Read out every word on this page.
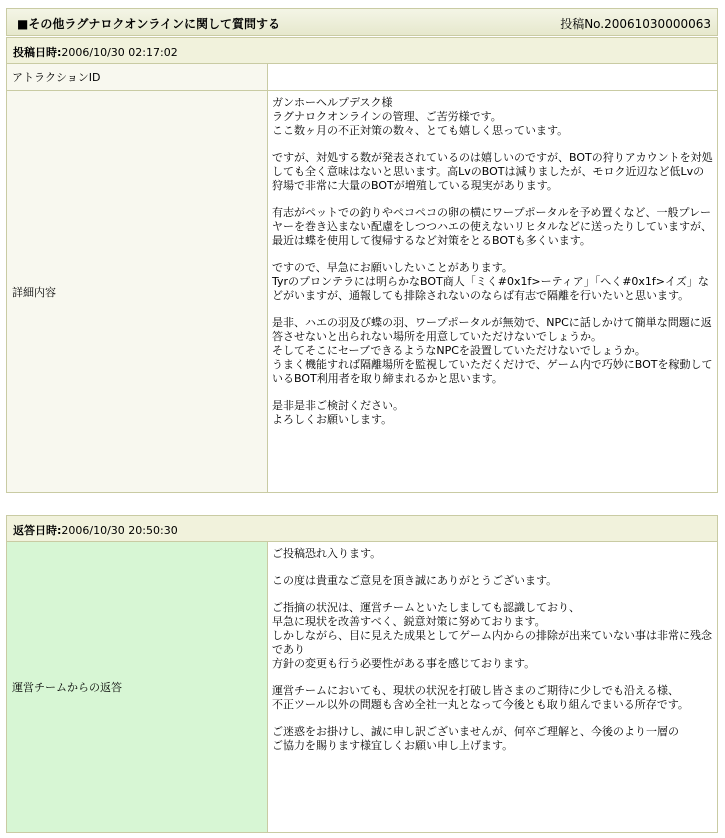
■その他ラグナロクオンラインに関して質問する	投稿No.20061030000063
投稿日時:2006/10/30 02:17:02
アトラクションID
詳細内容

ガンホーヘルプデスク様
ラグナロクオンラインの管理、ご苦労様です。
ここ数ヶ月の不正対策の数々、とても嬉しく思っています。

ですが、対処する数が発表されているのは嬉しいのですが、BOTの狩りアカウントを対処しても全く意味はないと思います。高LvのBOTは減りましたが、モロク近辺など低Lvの狩場で非常に大量のBOTが増殖している現実があります。

有志がペットでの釣りやペコペコの卵の横にワープポータルを予め置くなど、一般プレーヤーを巻き込まない配慮をしつつハエの使えないリヒタルなどに送ったりしていますが、最近は蝶を使用して復帰するなど対策をとるBOTも多くいます。

ですので、早急にお願いしたいことがあります。
Tyrのプロンテラには明らかなBOT商人「ミく#0x1f>ーティア」「へく#0x1f>イズ」などがいますが、通報しても排除されないのならば有志で隔離を行いたいと思います。

是非、ハエの羽及び蝶の羽、ワープポータルが無効で、NPCに話しかけて簡単な問題に返答させないと出られない場所を用意していただけないでしょうか。
そしてそこにセーブできるようなNPCを設置していただけないでしょうか。
うまく機能すれば隔離場所を監視していただくだけで、ゲーム内で巧妙にBOTを稼動しているBOT利用者を取り締まれるかと思います。

是非是非ご検討ください。
よろしくお願いします。

返答日時:2006/10/30 20:50:30
運営チームからの返答

ご投稿恐れ入ります。

この度は貴重なご意見を頂き誠にありがとうございます。

ご指摘の状況は、運営チームといたしましても認識しており、
早急に現状を改善すべく、鋭意対策に努めております。
しかしながら、目に見えた成果としてゲーム内からの排除が出来ていない事は非常に残念であり
方針の変更も行う必要性がある事を感じております。

運営チームにおいても、現状の状況を打破し皆さまのご期待に少しでも沿える様、
不正ツール以外の問題も含め全社一丸となって今後とも取り組んでまいる所存です。

ご迷惑をお掛けし、誠に申し訳ございませんが、何卒ご理解と、今後のより一層の
ご協力を賜ります様宜しくお願い申し上げます。
